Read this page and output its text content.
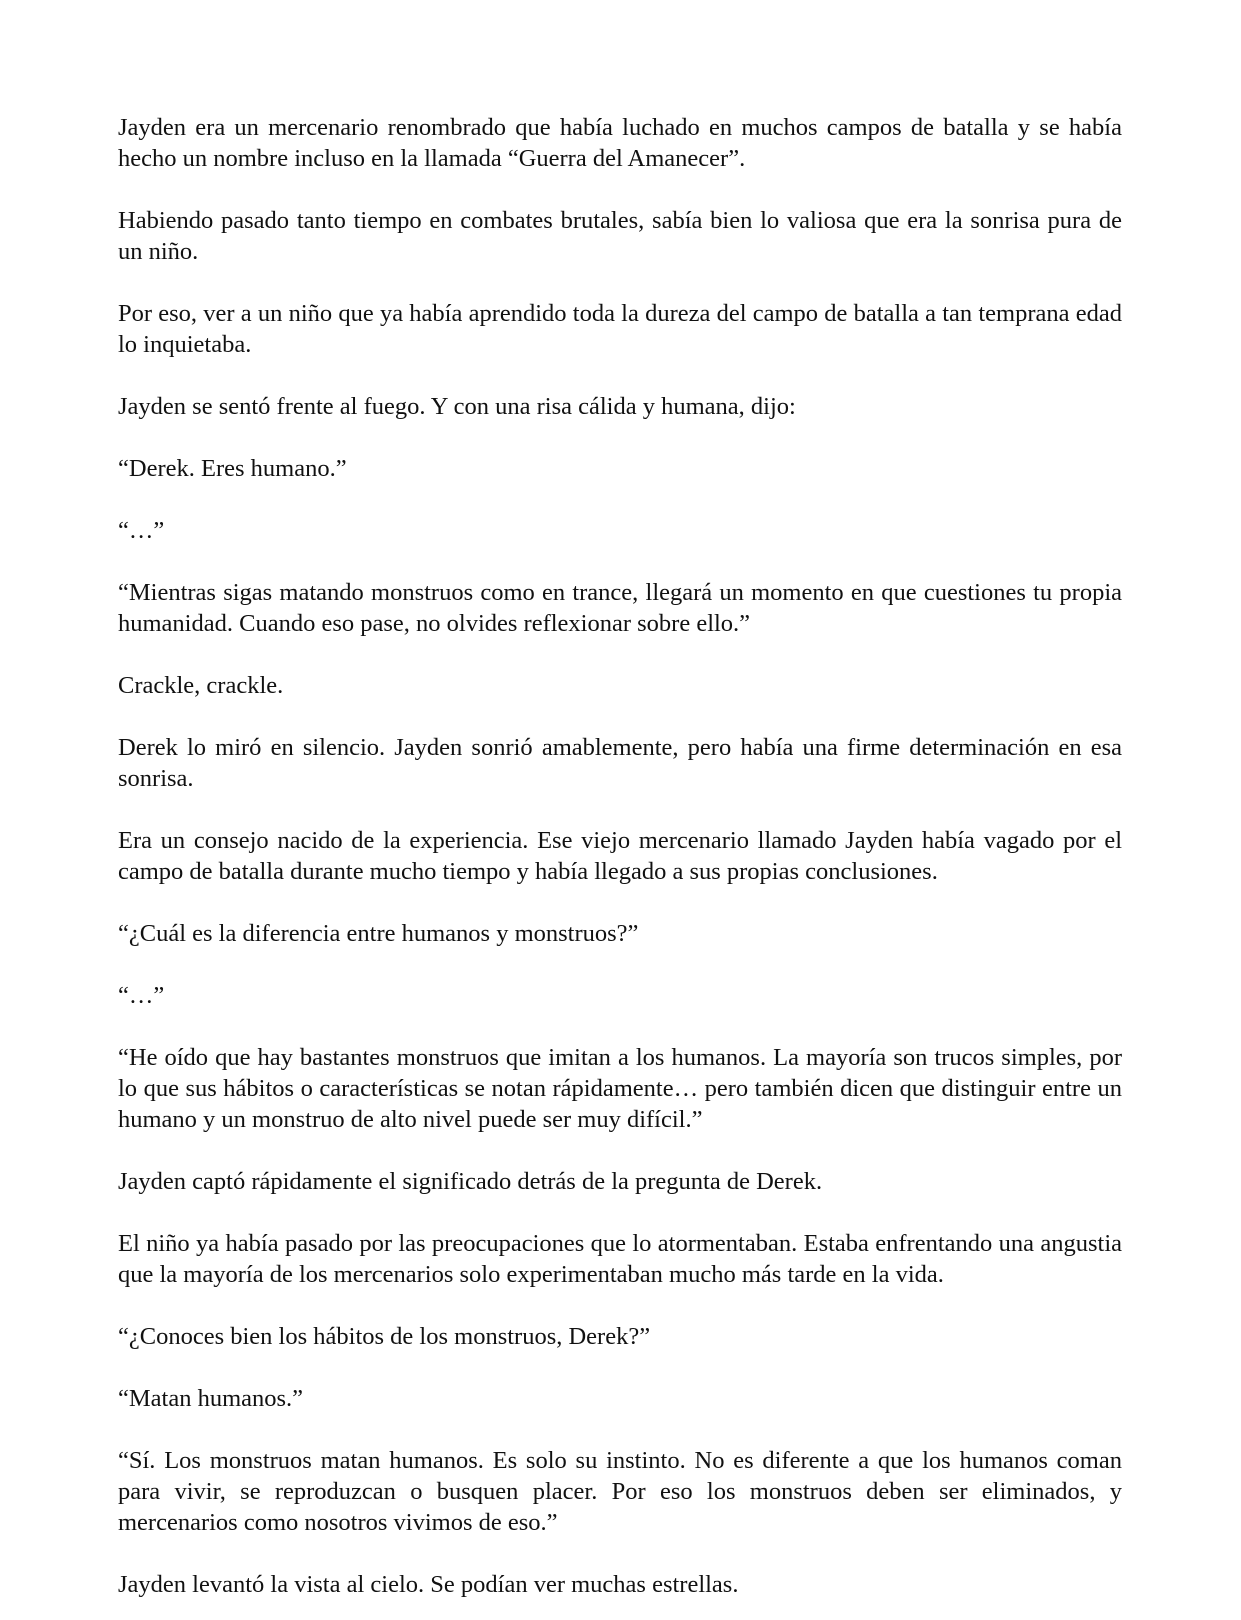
Jayden era un mercenario renombrado que había luchado en muchos campos de batalla y se había hecho un nombre incluso en la llamada “Guerra del Amanecer”.

Habiendo pasado tanto tiempo en combates brutales, sabía bien lo valiosa que era la sonrisa pura de un niño.

Por eso, ver a un niño que ya había aprendido toda la dureza del campo de batalla a tan temprana edad lo inquietaba.

Jayden se sentó frente al fuego. Y con una risa cálida y humana, dijo:

“Derek. Eres humano.”

“…”

“Mientras sigas matando monstruos como en trance, llegará un momento en que cuestiones tu propia humanidad. Cuando eso pase, no olvides reflexionar sobre ello.”

Crackle, crackle.

Derek lo miró en silencio. Jayden sonrió amablemente, pero había una firme determinación en esa sonrisa.

Era un consejo nacido de la experiencia. Ese viejo mercenario llamado Jayden había vagado por el campo de batalla durante mucho tiempo y había llegado a sus propias conclusiones.

“¿Cuál es la diferencia entre humanos y monstruos?”

“…”

“He oído que hay bastantes monstruos que imitan a los humanos. La mayoría son trucos simples, por lo que sus hábitos o características se notan rápidamente… pero también dicen que distinguir entre un humano y un monstruo de alto nivel puede ser muy difícil.”

Jayden captó rápidamente el significado detrás de la pregunta de Derek.

El niño ya había pasado por las preocupaciones que lo atormentaban. Estaba enfrentando una angustia que la mayoría de los mercenarios solo experimentaban mucho más tarde en la vida.

“¿Conoces bien los hábitos de los monstruos, Derek?”

“Matan humanos.”

“Sí. Los monstruos matan humanos. Es solo su instinto. No es diferente a que los humanos coman para vivir, se reproduzcan o busquen placer. Por eso los monstruos deben ser eliminados, y mercenarios como nosotros vivimos de eso.”

Jayden levantó la vista al cielo. Se podían ver muchas estrellas.
